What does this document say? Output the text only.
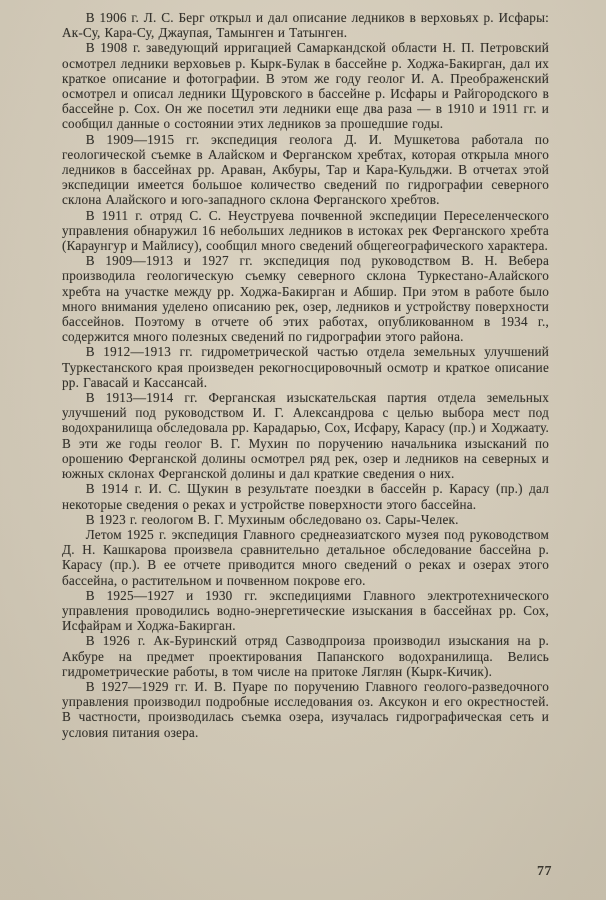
В 1906 г. Л. С. Берг открыл и дал описание ледников в верховьях р. Исфары: Ак-Су, Кара-Су, Джаупая, Тамынген и Татынген.

В 1908 г. заведующий ирригацией Самаркандской области Н. П. Петровский осмотрел ледники верховьев р. Кырк-Булак в бассейне р. Ходжа-Бакирган, дал их краткое описание и фотографии. В этом же году геолог И. А. Преображенский осмотрел и описал ледники Щуровского в бассейне р. Исфары и Райгородского в бассейне р. Сох. Он же посетил эти ледники еще два раза — в 1910 и 1911 гг. и сообщил данные о состоянии этих ледников за прошедшие годы.

В 1909—1915 гг. экспедиция геолога Д. И. Мушкетова работала по геологической съемке в Алайском и Ферганском хребтах, которая открыла много ледников в бассейнах рр. Араван, Акбуры, Тар и Кара-Кульджи. В отчетах этой экспедиции имеется большое количество сведений по гидрографии северного склона Алайского и юго-западного склона Ферганского хребтов.

В 1911 г. отряд С. С. Неуструева почвенной экспедиции Переселенческого управления обнаружил 16 небольших ледников в истоках рек Ферганского хребта (Караунгур и Майлису), сообщил много сведений общегеографического характера.

В 1909—1913 и 1927 гг. экспедиция под руководством В. Н. Вебера производила геологическую съемку северного склона Туркестано-Алайского хребта на участке между рр. Ходжа-Бакирган и Абшир. При этом в работе было много внимания уделено описанию рек, озер, ледников и устройству поверхности бассейнов. Поэтому в отчете об этих работах, опубликованном в 1934 г., содержится много полезных сведений по гидрографии этого района.

В 1912—1913 гг. гидрометрической частью отдела земельных улучшений Туркестанского края произведен рекогносцировочный осмотр и краткое описание рр. Гавасай и Кассансай.

В 1913—1914 гг. Ферганская изыскательская партия отдела земельных улучшений под руководством И. Г. Александрова с целью выбора мест под водохранилища обследовала рр. Карадарью, Сох, Исфару, Карасу (пр.) и Ходжаату. В эти же годы геолог В. Г. Мухин по поручению начальника изысканий по орошению Ферганской долины осмотрел ряд рек, озер и ледников на северных и южных склонах Ферганской долины и дал краткие сведения о них.

В 1914 г. И. С. Щукин в результате поездки в бассейн р. Карасу (пр.) дал некоторые сведения о реках и устройстве поверхности этого бассейна.

В 1923 г. геологом В. Г. Мухиным обследовано оз. Сары-Челек.

Летом 1925 г. экспедиция Главного среднеазиатского музея под руководством Д. Н. Кашкарова произвела сравнительно детальное обследование бассейна р. Карасу (пр.). В ее отчете приводится много сведений о реках и озерах этого бассейна, о растительном и почвенном покрове его.

В 1925—1927 и 1930 гг. экспедициями Главного электротехнического управления проводились водно-энергетические изыскания в бассейнах рр. Сох, Исфайрам и Ходжа-Бакирган.

В 1926 г. Ак-Буринский отряд Сазводпроиза производил изыскания на р. Акбуре на предмет проектирования Папанского водохранилища. Велись гидрометрические работы, в том числе на притоке Ляглян (Кырк-Кичик).

В 1927—1929 гг. И. В. Пуаре по поручению Главного геолого-разведочного управления производил подробные исследования оз. Аксукон и его окрестностей. В частности, производилась съемка озера, изучалась гидрографическая сеть и условия питания озера.

77
